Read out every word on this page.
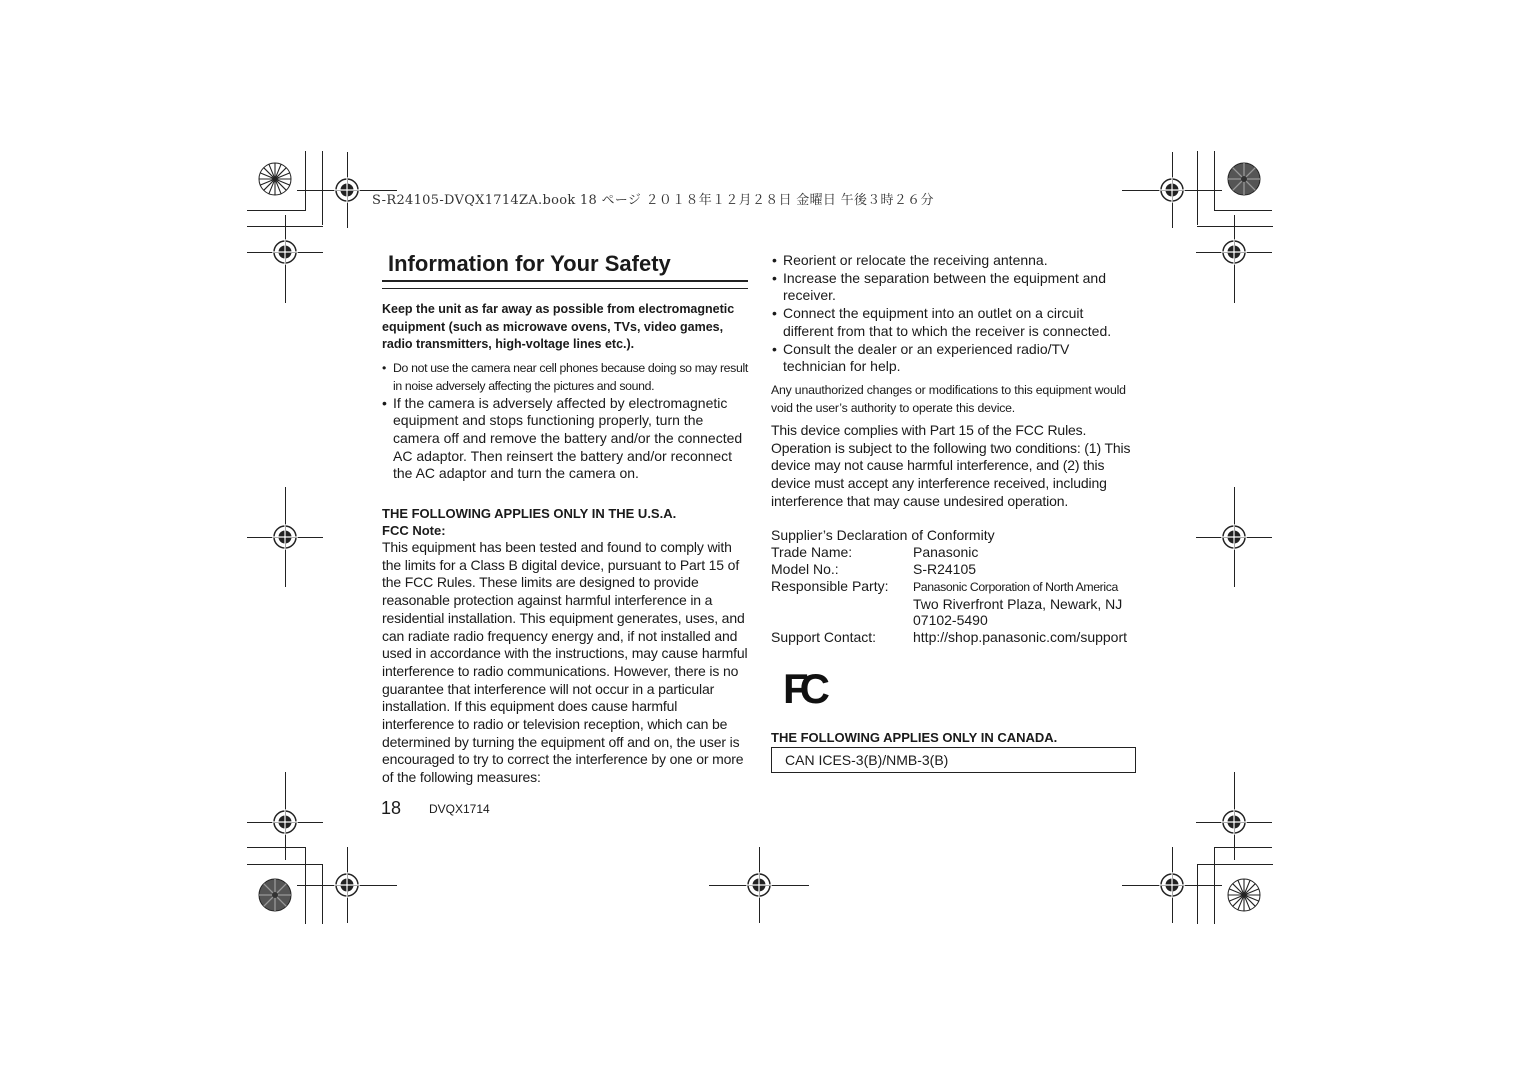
S-R24105-DVQX1714ZA.book 18 ページ ２０１８年１２月２８日 金曜日 午後３時２６分
Information for Your Safety

Keep the unit as far away as possible from electromagnetic equipment (such as microwave ovens, TVs, video games, radio transmitters, high-voltage lines etc.).

• Do not use the camera near cell phones because doing so may result in noise adversely affecting the pictures and sound.
• If the camera is adversely affected by electromagnetic equipment and stops functioning properly, turn the camera off and remove the battery and/or the connected AC adaptor. Then reinsert the battery and/or reconnect the AC adaptor and turn the camera on.
THE FOLLOWING APPLIES ONLY IN THE U.S.A.
FCC Note:
This equipment has been tested and found to comply with the limits for a Class B digital device, pursuant to Part 15 of the FCC Rules. These limits are designed to provide reasonable protection against harmful interference in a residential installation. This equipment generates, uses, and can radiate radio frequency energy and, if not installed and used in accordance with the instructions, may cause harmful interference to radio communications. However, there is no guarantee that interference will not occur in a particular installation. If this equipment does cause harmful interference to radio or television reception, which can be determined by turning the equipment off and on, the user is encouraged to try to correct the interference by one or more of the following measures:
18 DVQX1714
• Reorient or relocate the receiving antenna.
• Increase the separation between the equipment and receiver.
• Connect the equipment into an outlet on a circuit different from that to which the receiver is connected.
• Consult the dealer or an experienced radio/TV technician for help.
Any unauthorized changes or modifications to this equipment would void the user’s authority to operate this device.
This device complies with Part 15 of the FCC Rules. Operation is subject to the following two conditions: (1) This device may not cause harmful interference, and (2) this device must accept any interference received, including interference that may cause undesired operation.
Supplier’s Declaration of Conformity
Trade Name:	Panasonic
Model No.:	S-R24105
Responsible Party:	Panasonic Corporation of North America
	Two Riverfront Plaza, Newark, NJ
	07102-5490
Support Contact:	http://shop.panasonic.com/support
FC
THE FOLLOWING APPLIES ONLY IN CANADA.
CAN ICES-3(B)/NMB-3(B)
